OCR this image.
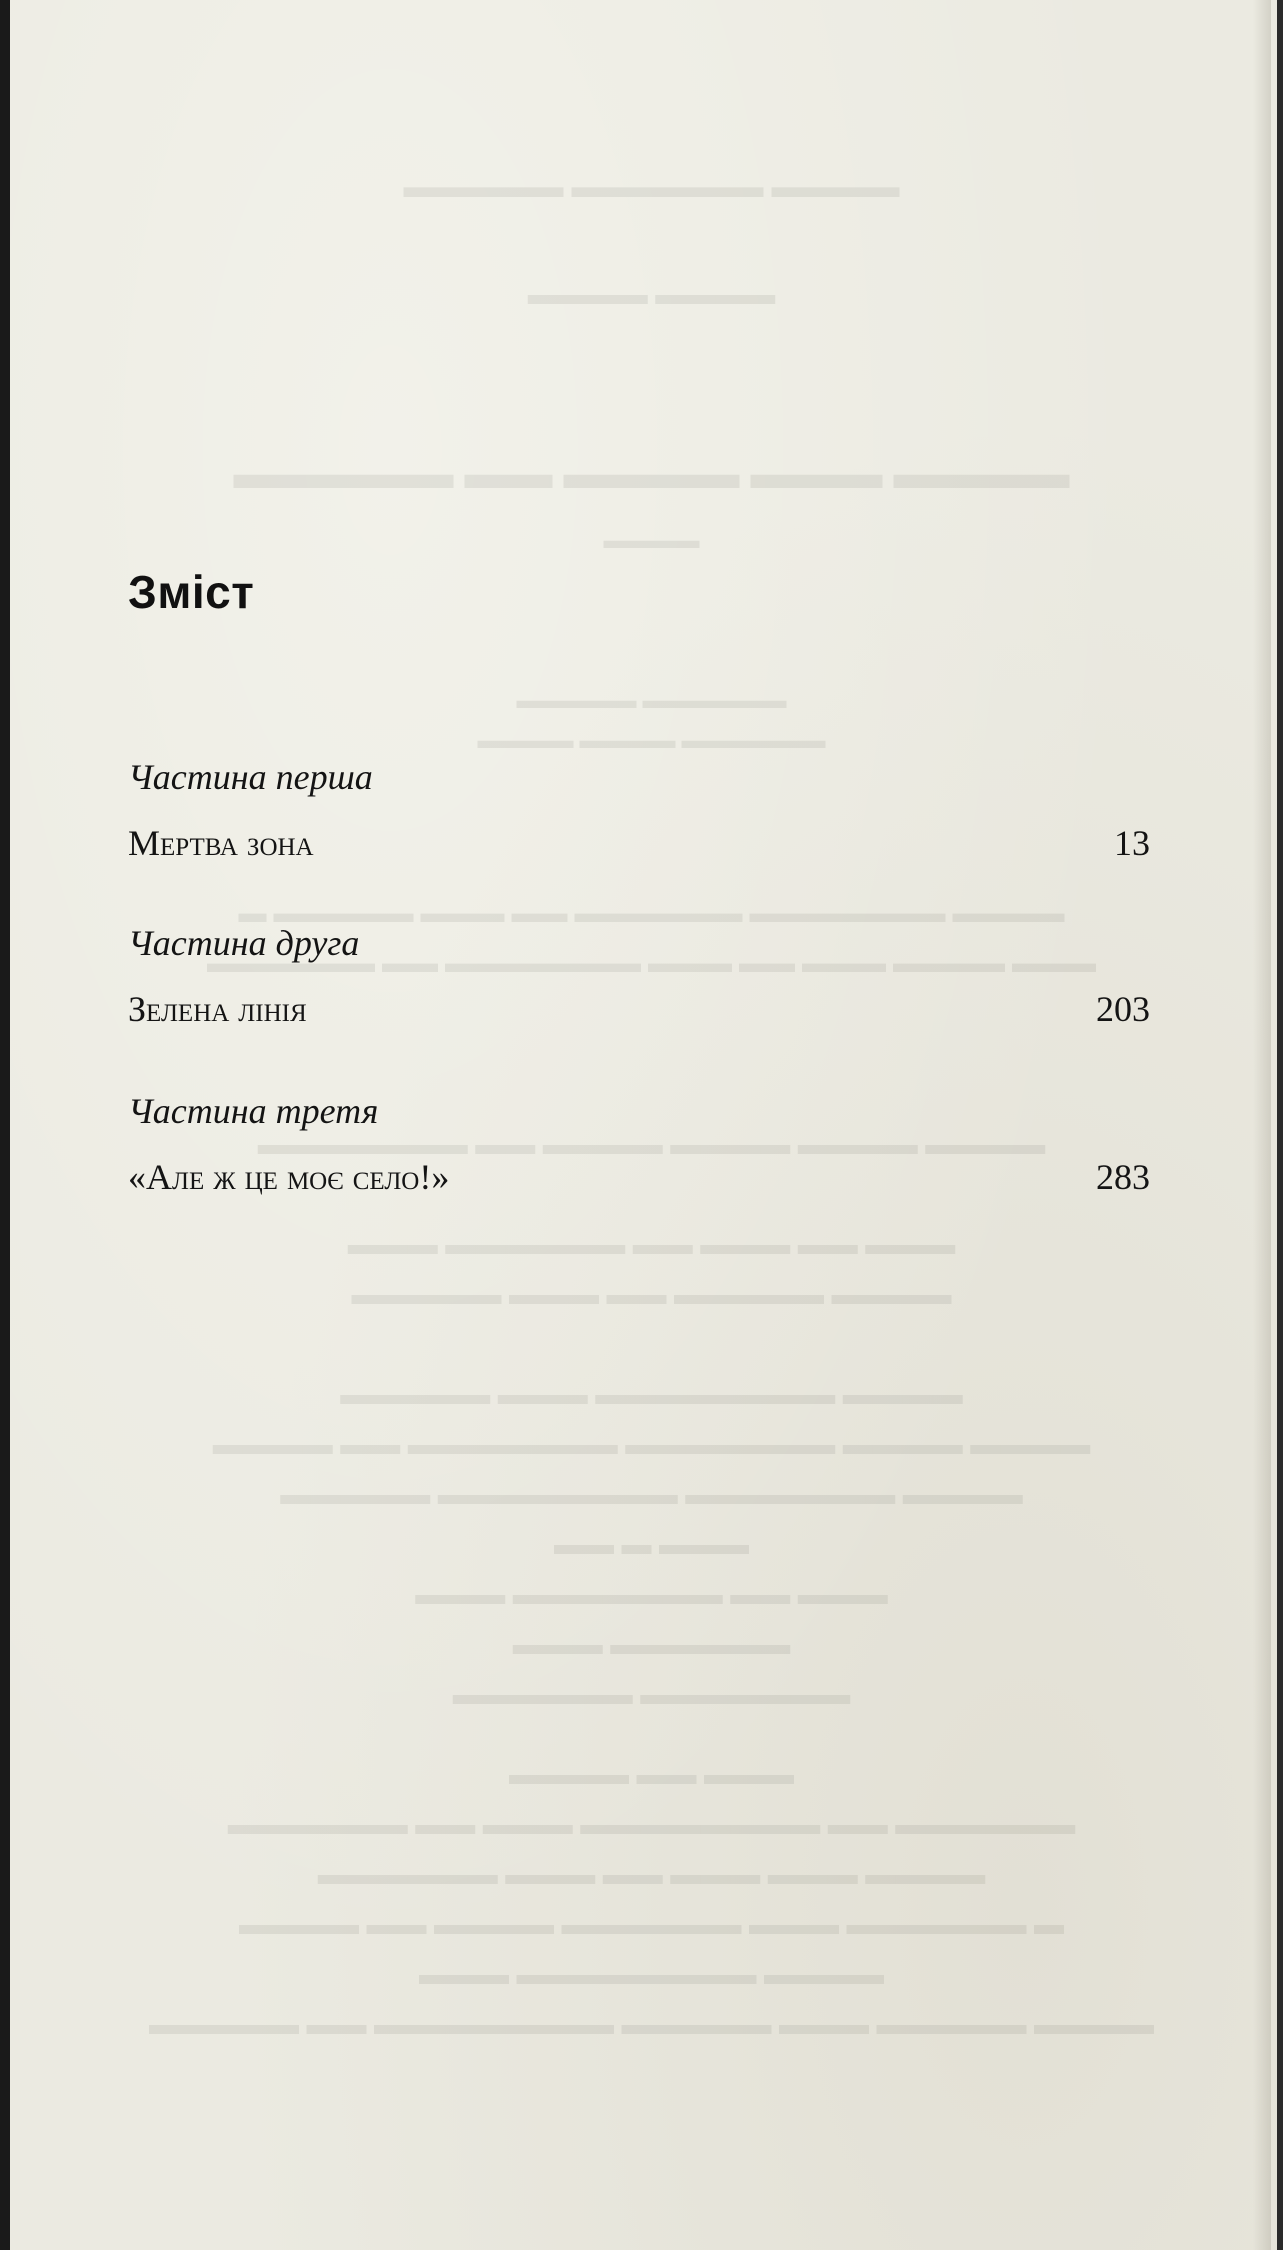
▬▬▬▬▬ ▬▬▬▬▬▬ ▬▬▬▬
▬▬▬▬ ▬▬▬▬
▬▬▬▬▬ ▬▬ ▬▬▬▬ ▬▬▬ ▬▬▬▬
▬▬▬▬
▬▬▬▬▬ ▬▬▬▬▬▬
▬▬▬▬ ▬▬▬▬ ▬▬▬▬▬▬
▬ ▬▬▬▬▬ ▬▬▬ ▬▬ ▬▬▬▬▬▬ ▬▬▬▬▬▬▬ ▬▬▬▬
▬▬▬▬▬▬ ▬▬ ▬▬▬▬▬▬▬ ▬▬▬ ▬▬ ▬▬▬ ▬▬▬▬ ▬▬▬
▬▬▬▬▬▬▬ ▬▬ ▬▬▬▬ ▬▬▬▬ ▬▬▬▬ ▬▬▬▬
▬▬▬ ▬▬▬▬▬▬ ▬▬ ▬▬▬ ▬▬ ▬▬▬
▬▬▬▬▬ ▬▬▬ ▬▬ ▬▬▬▬▬ ▬▬▬▬
▬▬▬▬▬ ▬▬▬ ▬▬▬▬▬▬▬▬ ▬▬▬▬
▬▬▬▬ ▬▬ ▬▬▬▬▬▬▬ ▬▬▬▬▬▬▬ ▬▬▬▬ ▬▬▬▬
▬▬▬▬▬ ▬▬▬▬▬▬▬▬ ▬▬▬▬▬▬▬ ▬▬▬▬
▬▬ ▬ ▬▬▬
▬▬▬ ▬▬▬▬▬▬▬ ▬▬ ▬▬▬
▬▬▬ ▬▬▬▬▬▬
▬▬▬▬▬▬ ▬▬▬▬▬▬▬
▬▬▬▬ ▬▬ ▬▬▬
▬▬▬▬▬▬ ▬▬ ▬▬▬ ▬▬▬▬▬▬▬▬ ▬▬ ▬▬▬▬▬▬
▬▬▬▬▬▬ ▬▬▬ ▬▬ ▬▬▬ ▬▬▬ ▬▬▬▬
▬▬▬▬ ▬▬ ▬▬▬▬ ▬▬▬▬▬▬ ▬▬▬ ▬▬▬▬▬▬ ▬
▬▬▬ ▬▬▬▬▬▬▬▬ ▬▬▬▬
▬▬▬▬▬ ▬▬ ▬▬▬▬▬▬▬▬ ▬▬▬▬▬ ▬▬▬ ▬▬▬▬▬ ▬▬▬▬
Зміст
Частина перша
Мертва зона	13
Частина друга
Зелена лінія	203
Частина третя
«Але ж це моє село!»	283
